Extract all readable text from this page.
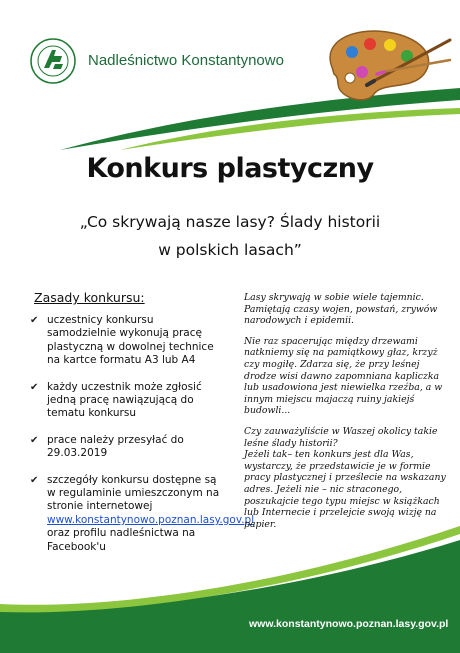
Nadleśnictwo Konstantynowo
Konkurs plastyczny
„Co skrywają nasze lasy? Ślady historii
w polskich lasach”
Zasady konkursu:
✔ uczestnicy konkursu samodzielnie wykonują pracę plastyczną w dowolnej technice na kartce formatu A3 lub A4
✔ każdy uczestnik może zgłosić jedną pracę nawiązującą do tematu konkursu
✔ prace należy przesyłać do 29.03.2019
✔ szczegóły konkursu dostępne są w regulaminie umieszczonym na stronie internetowej www.konstantynowo.poznan.lasy.gov.pl oraz profilu nadleśnictwa na Facebook'u

Lasy skrywają w sobie wiele tajemnic. Pamiętają czasy wojen, powstań, zrywów narodowych i epidemii.

Nie raz spacerując między drzewami natkniemy się na pamiątkowy głaz, krzyż czy mogiłę. Zdarza się, że przy leśnej drodze wisi dawno zapomniana kapliczka lub usadowiona jest niewielka rzeźba, a w innym miejscu majaczą ruiny jakiejś budowli...

Czy zauważyliście w Waszej okolicy takie leśne ślady historii?

Jeżeli tak– ten konkurs jest dla Was, wystarczy, że przedstawicie je w formie pracy plastycznej i prześlecie na wskazany adres. Jeżeli nie – nic straconego, poszukajcie tego typu miejsc w książkach lub Internecie i przelejcie swoją wizję na papier.

www.konstantynowo.poznan.lasy.gov.pl
